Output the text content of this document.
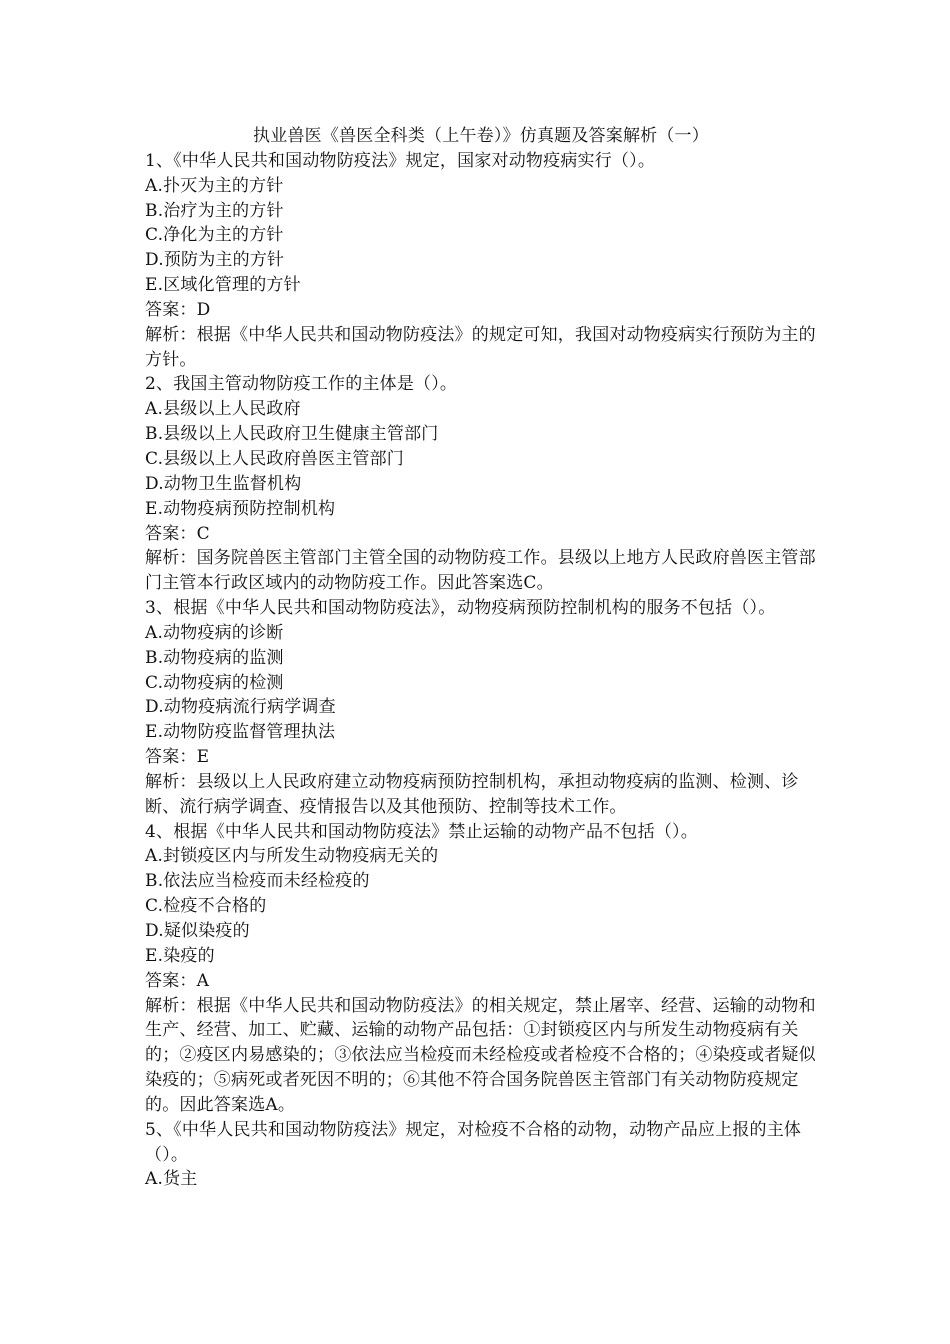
执业兽医《兽医全科类（上午卷）》仿真题及答案解析（一）

1、《中华人民共和国动物防疫法》规定，国家对动物疫病实行（）。

A.扑灭为主的方针

B.治疗为主的方针

C.净化为主的方针

D.预防为主的方针

E.区域化管理的方针

答案：D

解析：根据《中华人民共和国动物防疫法》的规定可知，我国对动物疫病实行预防为主的方针。

2、我国主管动物防疫工作的主体是（）。

A.县级以上人民政府

B.县级以上人民政府卫生健康主管部门

C.县级以上人民政府兽医主管部门

D.动物卫生监督机构

E.动物疫病预防控制机构

答案：C

解析：国务院兽医主管部门主管全国的动物防疫工作。县级以上地方人民政府兽医主管部门主管本行政区域内的动物防疫工作。因此答案选C。

3、根据《中华人民共和国动物防疫法》，动物疫病预防控制机构的服务不包括（）。

A.动物疫病的诊断

B.动物疫病的监测

C.动物疫病的检测

D.动物疫病流行病学调查

E.动物防疫监督管理执法

答案：E

解析：县级以上人民政府建立动物疫病预防控制机构，承担动物疫病的监测、检测、诊断、流行病学调查、疫情报告以及其他预防、控制等技术工作。

4、根据《中华人民共和国动物防疫法》禁止运输的动物产品不包括（）。

A.封锁疫区内与所发生动物疫病无关的

B.依法应当检疫而未经检疫的

C.检疫不合格的

D.疑似染疫的

E.染疫的

答案：A

解析：根据《中华人民共和国动物防疫法》的相关规定，禁止屠宰、经营、运输的动物和生产、经营、加工、贮藏、运输的动物产品包括：①封锁疫区内与所发生动物疫病有关的；②疫区内易感染的；③依法应当检疫而未经检疫或者检疫不合格的；④染疫或者疑似染疫的；⑤病死或者死因不明的；⑥其他不符合国务院兽医主管部门有关动物防疫规定的。因此答案选A。

5、《中华人民共和国动物防疫法》规定，对检疫不合格的动物，动物产品应上报的主体（）。

A.货主
